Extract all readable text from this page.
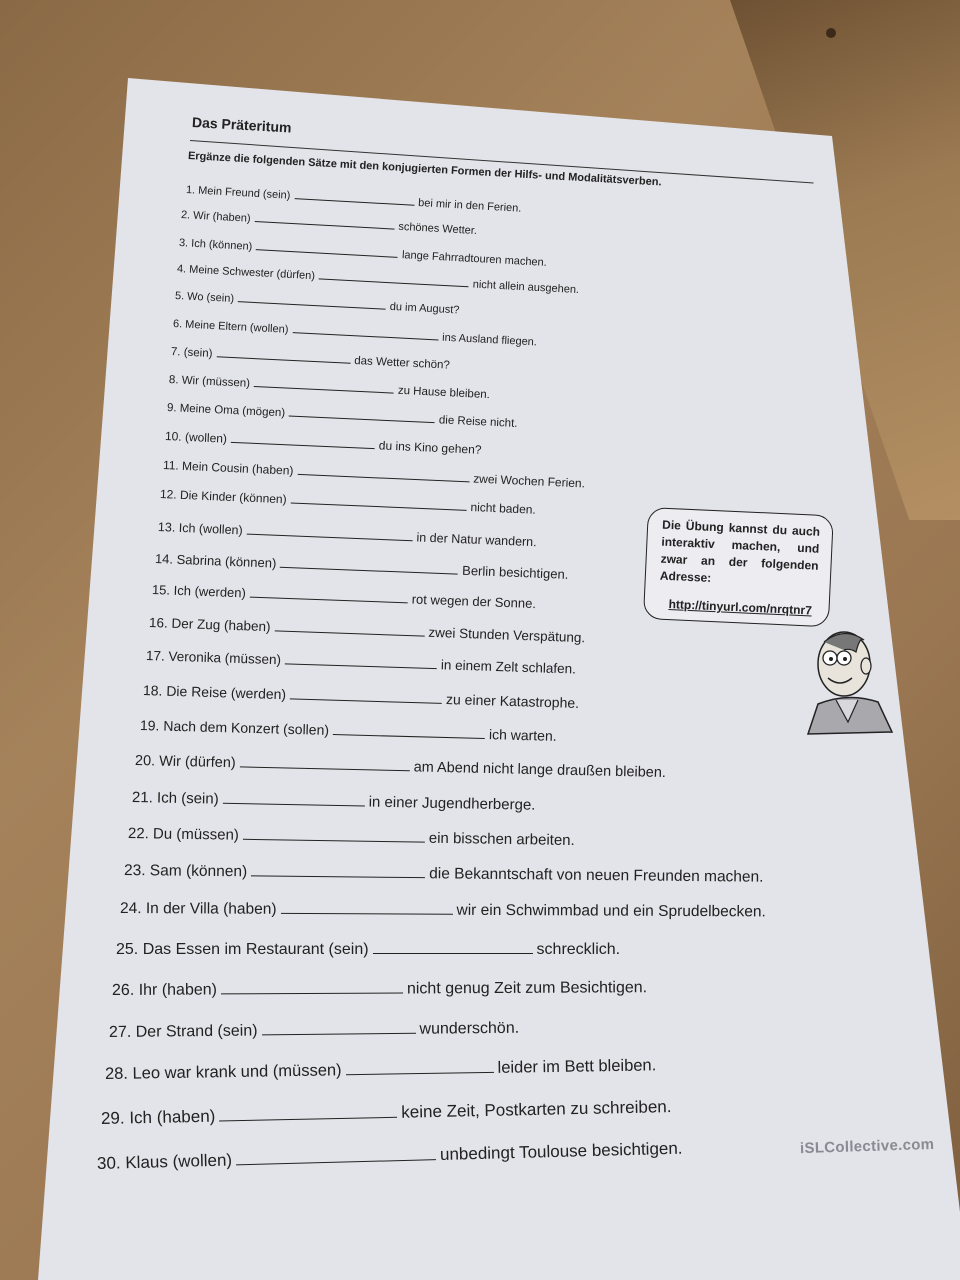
Das Präteritum
Ergänze die folgenden Sätze mit den konjugierten Formen der Hilfs- und Modalitätsverben.
1. Mein Freund (sein)bei mir in den Ferien.
2. Wir (haben)schönes Wetter.
3. Ich (können)lange Fahrradtouren machen.
4. Meine Schwester (dürfen)nicht allein ausgehen.
5. Wo (sein)du im August?
6. Meine Eltern (wollen)ins Ausland fliegen.
7. (sein)das Wetter schön?
8. Wir (müssen)zu Hause bleiben.
9. Meine Oma (mögen)die Reise nicht.
10. (wollen)du ins Kino gehen?
11. Mein Cousin (haben)zwei Wochen Ferien.
12. Die Kinder (können)nicht baden.
13. Ich (wollen)in der Natur wandern.
14. Sabrina (können)Berlin besichtigen.
15. Ich (werden)rot wegen der Sonne.
16. Der Zug (haben)zwei Stunden Verspätung.
17. Veronika (müssen)	in einem Zelt schlafen.
18. Die Reise (werden)	zu einer Katastrophe.
19. Nach dem Konzert (sollen)	ich warten.
20. Wir (dürfen)	am Abend nicht lange draußen bleiben.
21. Ich (sein)	in einer Jugendherberge.
22. Du (müssen)	ein bisschen arbeiten.
23. Sam (können)	die Bekanntschaft von neuen Freunden machen.
24. In der Villa (haben)	wir ein Schwimmbad und ein Sprudelbecken.
25. Das Essen im Restaurant (sein)	schrecklich.
26. Ihr (haben)	nicht genug Zeit zum Besichtigen.
27. Der Strand (sein)	wunderschön.
28. Leo war krank und (müssen)	leider im Bett bleiben.
29. Ich (haben)	keine Zeit, Postkarten zu schreiben.
30. Klaus (wollen)	unbedingt Toulouse besichtigen.
Die Übung kannst du auch interaktiv machen, und zwar an der folgenden Adresse:
http://tinyurl.com/nrqtnr7
iSLCollective.com
